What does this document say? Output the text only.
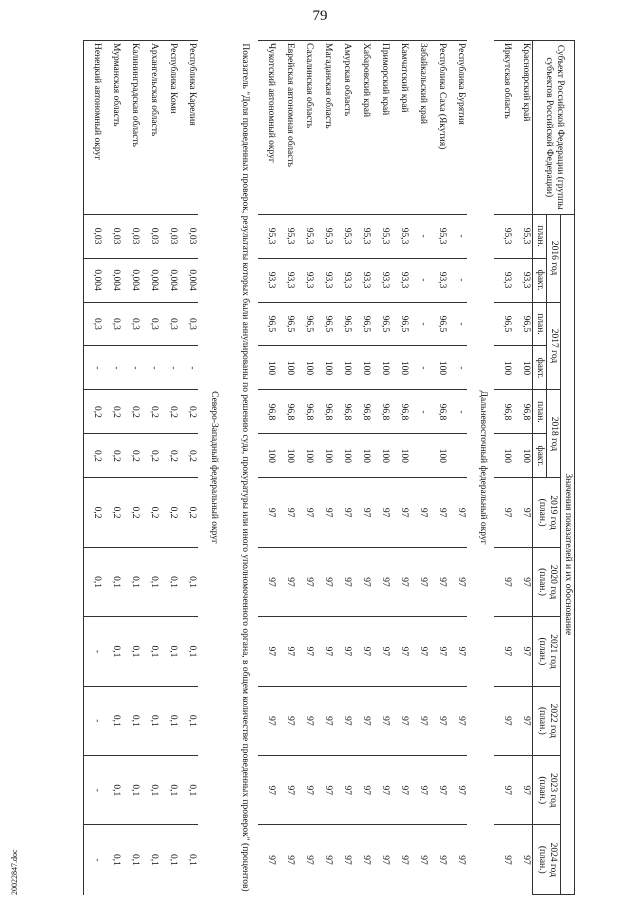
79
Субъект Российской Федерации (группы субъектов Российской Федерации)	Значения показателей и их обоснование											
	2016 год		2017 год		2018 год		2019 год (план.)	2020 год (план.)	2021 год (план.)	2022 год (план.)	2023 год (план.)	2024 год (план.)
	план.	факт.	план.	факт.	план.	факт.						
Красноярский край	95,3	93,3	96,5	100	96,8	100	97	97	97	97	97	97
Иркутская область	95,3	93,3	96,5	100	96,8	100	97	97	97	97	97	97
Дальневосточный федеральный округ												
Республика Бурятия	-	-	-	-	-		97	97	97	97	97	97
Республика Саха (Якутия)	95,3	93,3	96,5	100	96,8	100	97	97	97	97	97	97
Забайкальский край	-	-	-	-	-		97	97	97	97	97	97
Камчатский край	95,3	93,3	96,5	100	96,8	100	97	97	97	97	97	97
Приморский край	95,3	93,3	96,5	100	96,8	100	97	97	97	97	97	97
Хабаровский край	95,3	93,3	96,5	100	96,8	100	97	97	97	97	97	97
Амурская область	95,3	93,3	96,5	100	96,8	100	97	97	97	97	97	97
Магаданская область	95,3	93,3	96,5	100	96,8	100	97	97	97	97	97	97
Сахалинская область	95,3	93,3	96,5	100	96,8	100	97	97	97	97	97	97
Еврейская автономная область	95,3	93,3	96,5	100	96,8	100	97	97	97	97	97	97
Чукотский автономный округ	95,3	93,3	96,5	100	96,8	100	97	97	97	97	97	97
Показатель "Доля проведенных проверок, результаты которых были аннулированы по решению суда, прокуратуры или иного уполномоченного органа, в общем количестве проведенных проверок" (процентов)												
Северо-Западный федеральный округ												
Республика Карелия	0,03	0,004	0,3	-	0,2	0,2	0,2	0,1	0,1	0,1	0,1	0,1
Республика Коми	0,03	0,004	0,3	-	0,2	0,2	0,2	0,1	0,1	0,1	0,1	0,1
Архангельская область	0,03	0,004	0,3	-	0,2	0,2	0,2	0,1	0,1	0,1	0,1	0,1
Калининградская область	0,03	0,004	0,3	-	0,2	0,2	0,2	0,1	0,1	0,1	0,1	0,1
Мурманская область	0,03	0,004	0,3	-	0,2	0,2	0,2	0,1	0,1	0,1	0,1	0,1
Ненецкий автономный округ	0,03	0,004	0,3	-	0,2	0,2	0,2	0,1	-	-	-	-
20022847.doc
